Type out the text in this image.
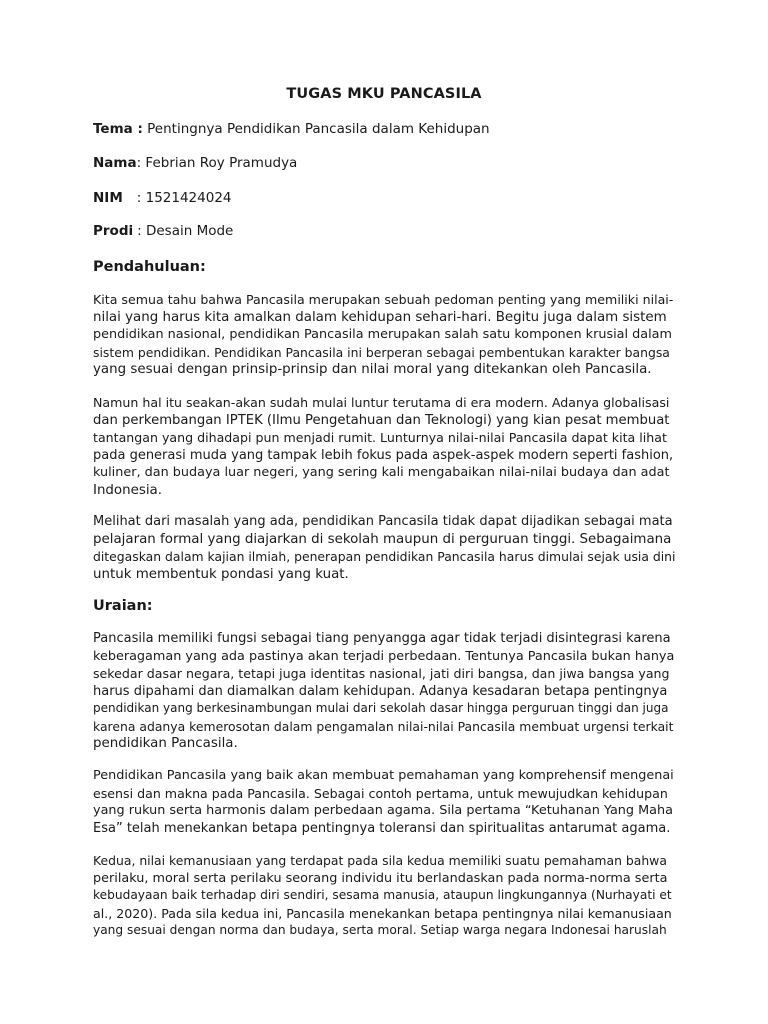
TUGAS MKU PANCASILA
Tema : Pentingnya Pendidikan Pancasila dalam Kehidupan
Nama: Febrian Roy Pramudya
NIM : 1521424024
Prodi : Desain Mode
Pendahuluan:
Kita semua tahu bahwa Pancasila merupakan sebuah pedoman penting yang memiliki nilai-
nilai yang harus kita amalkan dalam kehidupan sehari-hari. Begitu juga dalam sistem
pendidikan nasional, pendidikan Pancasila merupakan salah satu komponen krusial dalam
sistem pendidikan. Pendidikan Pancasila ini berperan sebagai pembentukan karakter bangsa
yang sesuai dengan prinsip-prinsip dan nilai moral yang ditekankan oleh Pancasila.
Namun hal itu seakan-akan sudah mulai luntur terutama di era modern. Adanya globalisasi
dan perkembangan IPTEK (Ilmu Pengetahuan dan Teknologi) yang kian pesat membuat
tantangan yang dihadapi pun menjadi rumit. Lunturnya nilai-nilai Pancasila dapat kita lihat
pada generasi muda yang tampak lebih fokus pada aspek-aspek modern seperti fashion,
kuliner, dan budaya luar negeri, yang sering kali mengabaikan nilai-nilai budaya dan adat
Indonesia.
Melihat dari masalah yang ada, pendidikan Pancasila tidak dapat dijadikan sebagai mata
pelajaran formal yang diajarkan di sekolah maupun di perguruan tinggi. Sebagaimana
ditegaskan dalam kajian ilmiah, penerapan pendidikan Pancasila harus dimulai sejak usia dini
untuk membentuk pondasi yang kuat.
Uraian:
Pancasila memiliki fungsi sebagai tiang penyangga agar tidak terjadi disintegrasi karena
keberagaman yang ada pastinya akan terjadi perbedaan. Tentunya Pancasila bukan hanya
sekedar dasar negara, tetapi juga identitas nasional, jati diri bangsa, dan jiwa bangsa yang
harus dipahami dan diamalkan dalam kehidupan. Adanya kesadaran betapa pentingnya
pendidikan yang berkesinambungan mulai dari sekolah dasar hingga perguruan tinggi dan juga
karena adanya kemerosotan dalam pengamalan nilai-nilai Pancasila membuat urgensi terkait
pendidikan Pancasila.
Pendidikan Pancasila yang baik akan membuat pemahaman yang komprehensif mengenai
esensi dan makna pada Pancasila. Sebagai contoh pertama, untuk mewujudkan kehidupan
yang rukun serta harmonis dalam perbedaan agama. Sila pertama “Ketuhanan Yang Maha
Esa” telah menekankan betapa pentingnya toleransi dan spiritualitas antarumat agama.
Kedua, nilai kemanusiaan yang terdapat pada sila kedua memiliki suatu pemahaman bahwa
perilaku, moral serta perilaku seorang individu itu berlandaskan pada norma-norma serta
kebudayaan baik terhadap diri sendiri, sesama manusia, ataupun lingkungannya (Nurhayati et
al., 2020). Pada sila kedua ini, Pancasila menekankan betapa pentingnya nilai kemanusiaan
yang sesuai dengan norma dan budaya, serta moral. Setiap warga negara Indonesai haruslah
